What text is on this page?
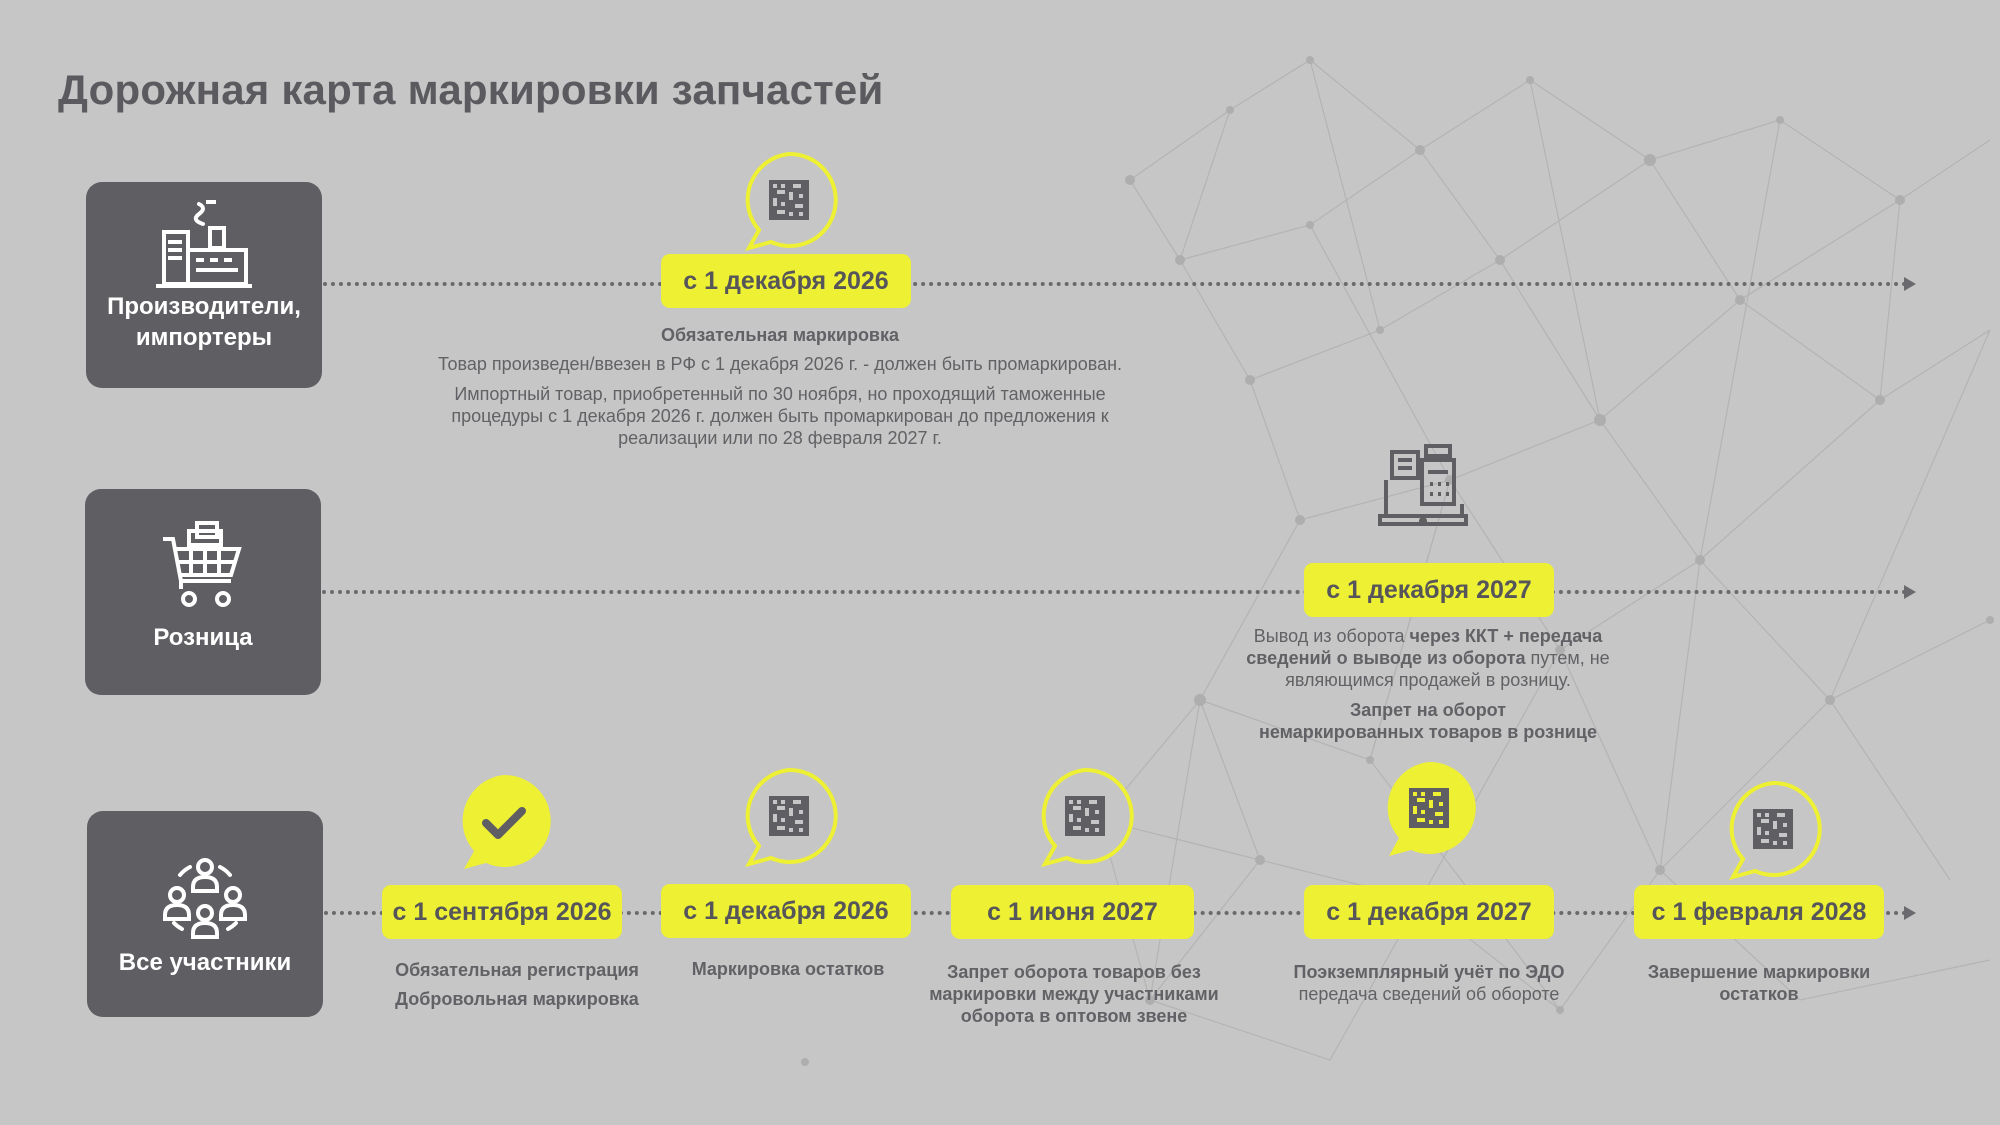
Дорожная карта маркировки запчастей
Производители,
импортеры
с 1 декабря 2026

Обязательная маркировка

Товар произведен/ввезен в РФ с 1 декабря 2026 г. - должен быть промаркирован.

Импортный товар, приобретенный по 30 ноября, но проходящий таможенные процедуры с 1 декабря 2026 г. должен быть промаркирован до предложения к реализации или по 28 февраля 2027 г.

Розница
с 1 декабря 2027

Вывод из оборота через ККТ + передача сведений о выводе из оборота путем, не являющимся продажей в розницу.

Запрет на оборот

немаркированных товаров в рознице

Все участники
с 1 сентября 2026

Обязательная регистрация

Добровольная маркировка

с 1 декабря 2026

Маркировка остатков

с 1 июня 2027

Запрет оборота товаров без

маркировки между участниками

оборота в оптовом звене

с 1 декабря 2027

Поэкземплярный учёт по ЭДО

передача сведений об обороте

с 1 февраля 2028

Завершение маркировки

остатков
